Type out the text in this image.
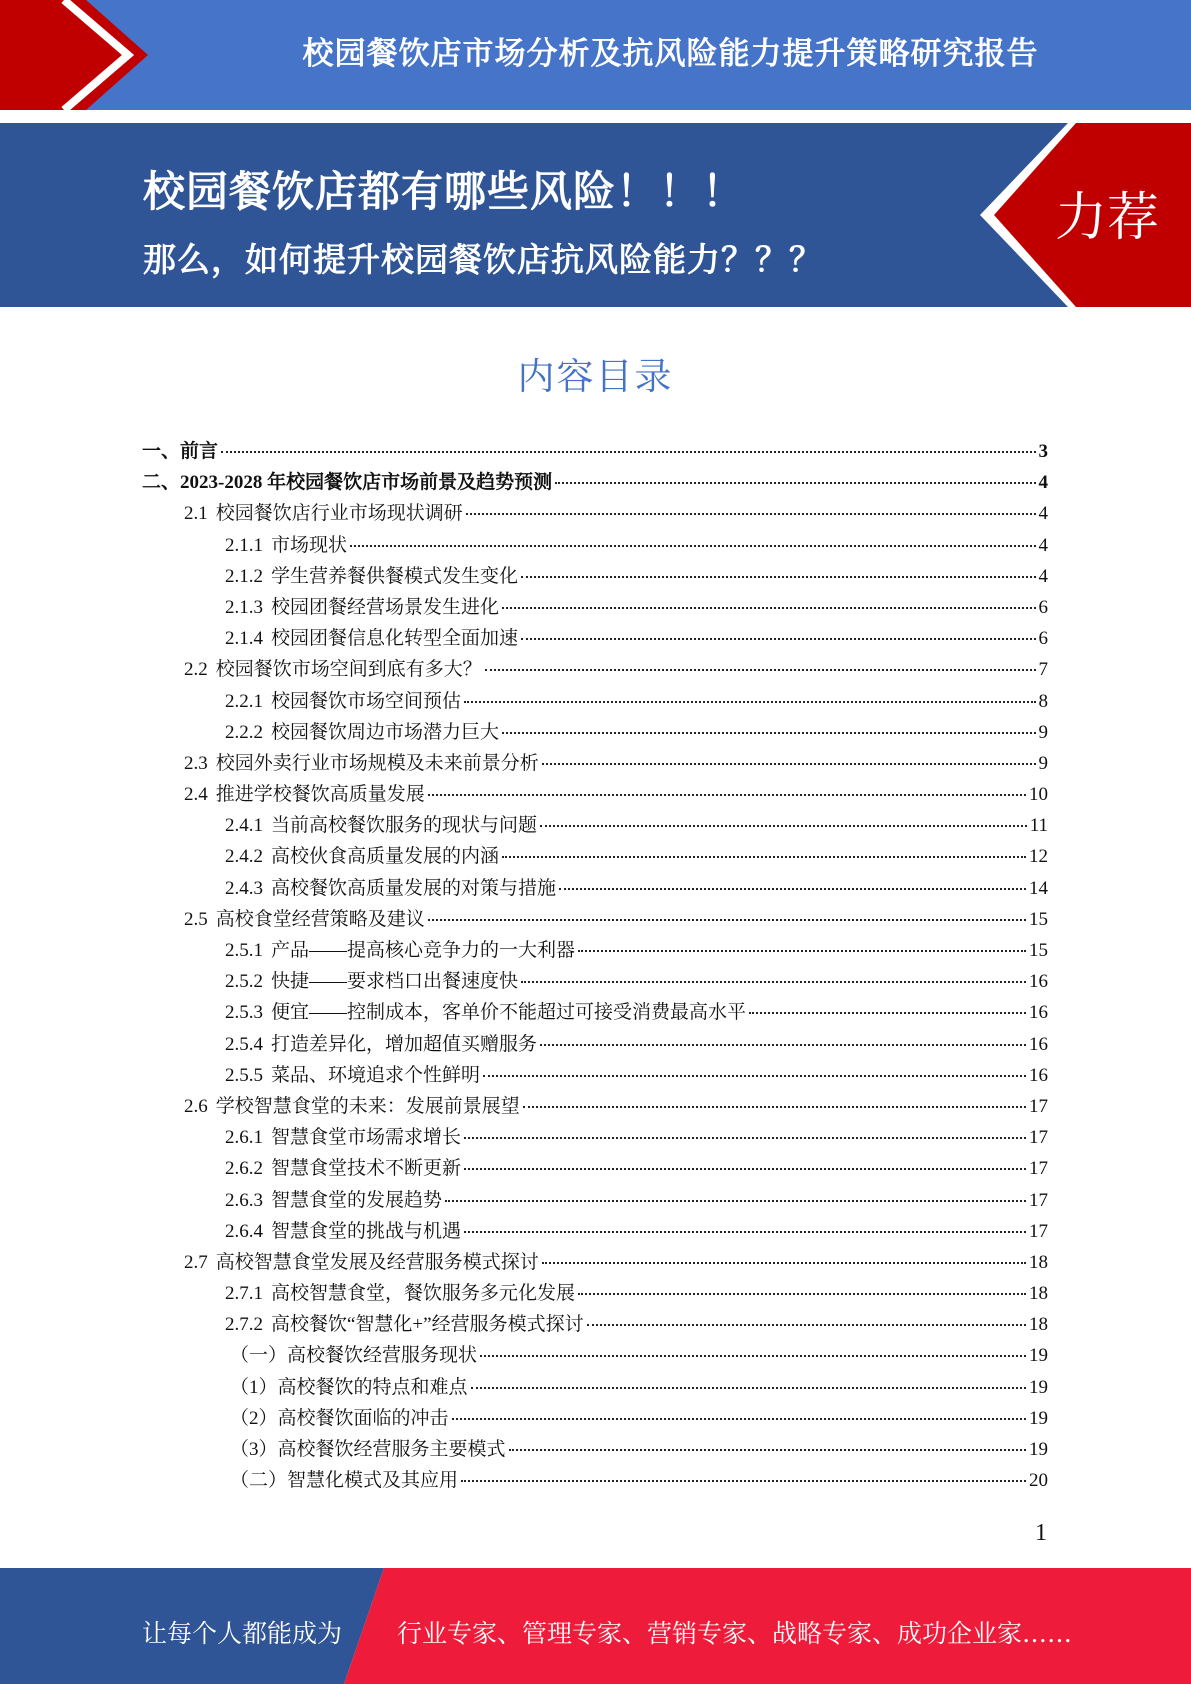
校园餐饮店市场分析及抗风险能力提升策略研究报告
校园餐饮店都有哪些风险！！！
那么，如何提升校园餐饮店抗风险能力？？？
力荐
内容目录
一、前言	3
二、2023-2028 年校园餐饮店市场前景及趋势预测	4
2.1 校园餐饮店行业市场现状调研	4
2.1.1 市场现状	4
2.1.2 学生营养餐供餐模式发生变化	4
2.1.3 校园团餐经营场景发生进化	6
2.1.4 校园团餐信息化转型全面加速	6
2.2 校园餐饮市场空间到底有多大？	7
2.2.1 校园餐饮市场空间预估	8
2.2.2 校园餐饮周边市场潜力巨大	9
2.3 校园外卖行业市场规模及未来前景分析	9
2.4 推进学校餐饮高质量发展	10
2.4.1 当前高校餐饮服务的现状与问题	11
2.4.2 高校伙食高质量发展的内涵	12
2.4.3 高校餐饮高质量发展的对策与措施	14
2.5 高校食堂经营策略及建议	15
2.5.1 产品——提高核心竞争力的一大利器	15
2.5.2 快捷——要求档口出餐速度快	16
2.5.3 便宜——控制成本，客单价不能超过可接受消费最高水平	16
2.5.4 打造差异化，增加超值买赠服务	16
2.5.5 菜品、环境追求个性鲜明	16
2.6 学校智慧食堂的未来：发展前景展望	17
2.6.1 智慧食堂市场需求增长	17
2.6.2 智慧食堂技术不断更新	17
2.6.3 智慧食堂的发展趋势	17
2.6.4 智慧食堂的挑战与机遇	17
2.7 高校智慧食堂发展及经营服务模式探讨	18
2.7.1 高校智慧食堂，餐饮服务多元化发展	18
2.7.2 高校餐饮“智慧化+”经营服务模式探讨	18
（一）高校餐饮经营服务现状	19
（1）高校餐饮的特点和难点	19
（2）高校餐饮面临的冲击	19
（3）高校餐饮经营服务主要模式	19
（二）智慧化模式及其应用	20
1
让每个人都能成为 行业专家、管理专家、营销专家、战略专家、成功企业家……
